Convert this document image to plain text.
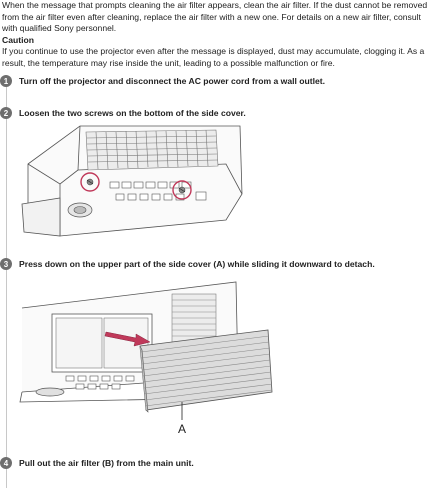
When the message that prompts cleaning the air filter appears, clean the air filter. If the dust cannot be removed from the air filter even after cleaning, replace the air filter with a new one. For details on a new air filter, consult with qualified Sony personnel.

Caution

If you continue to use the projector even after the message is displayed, dust may accumulate, clogging it. As a result, the temperature may rise inside the unit, leading to a possible malfunction or fire.

1	Turn off the projector and disconnect the AC power cord from a wall outlet.
2	Loosen the two screws on the bottom of the side cover.
3	Press down on the upper part of the side cover (A) while sliding it downward to detach.
A
4	Pull out the air filter (B) from the main unit.
